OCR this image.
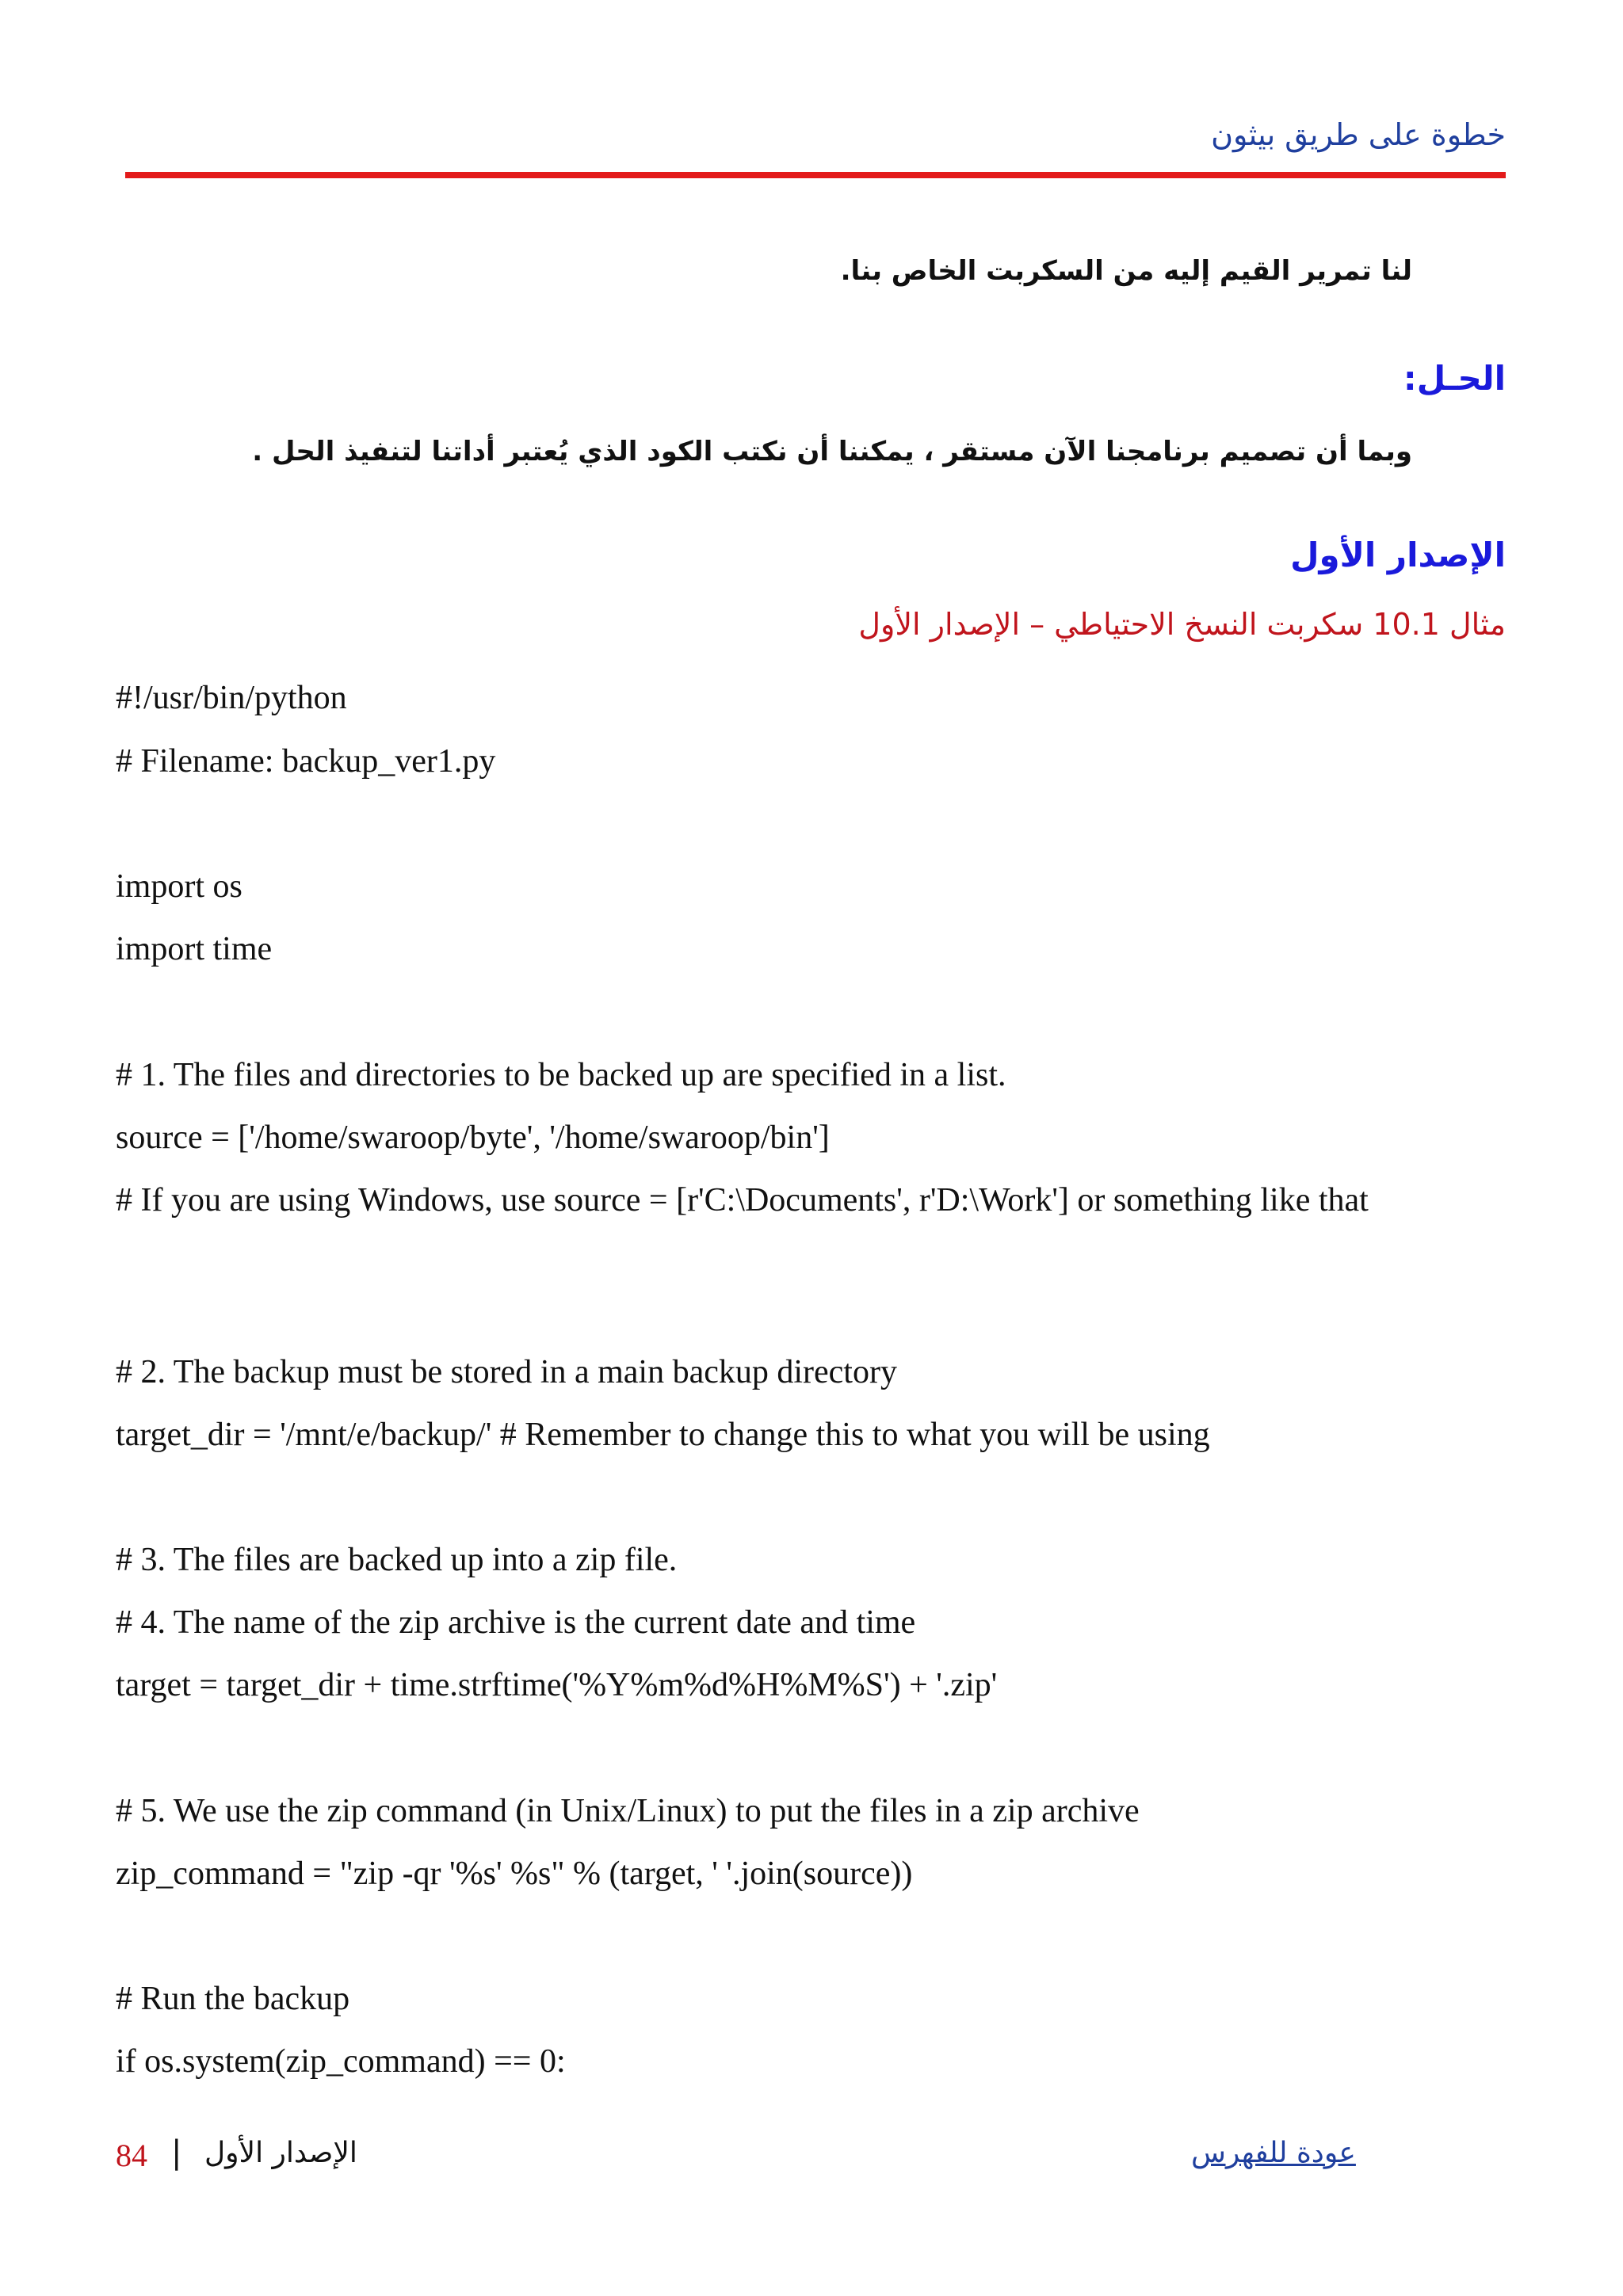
خطوة على طريق بيثون
لنا تمرير القيم إليه من السكربت الخاص بنا.
الحـل:
وبما أن تصميم برنامجنا الآن مستقر ، يمكننا أن نكتب الكود الذي يُعتبر أداتنا لتنفيذ الحل .
الإصدار الأول
مثال 10.1 سكربت النسخ الاحتياطي – الإصدار الأول
#!/usr/bin/python
# Filename: backup_ver1.py
import os
import time
# 1. The files and directories to be backed up are specified in a list.
source = ['/home/swaroop/byte', '/home/swaroop/bin']
# If you are using Windows, use source = [r'C:\Documents', r'D:\Work'] or something like that
# 2. The backup must be stored in a main backup directory
target_dir = '/mnt/e/backup/' # Remember to change this to what you will be using
# 3. The files are backed up into a zip file.
# 4. The name of the zip archive is the current date and time
target = target_dir + time.strftime('%Y%m%d%H%M%S') + '.zip'
# 5. We use the zip command (in Unix/Linux) to put the files in a zip archive
zip_command = "zip -qr '%s' %s" % (target, ' '.join(source))
# Run the backup
if os.system(zip_command) == 0:
84 | الإصدار الأول	عودة للفهرس
